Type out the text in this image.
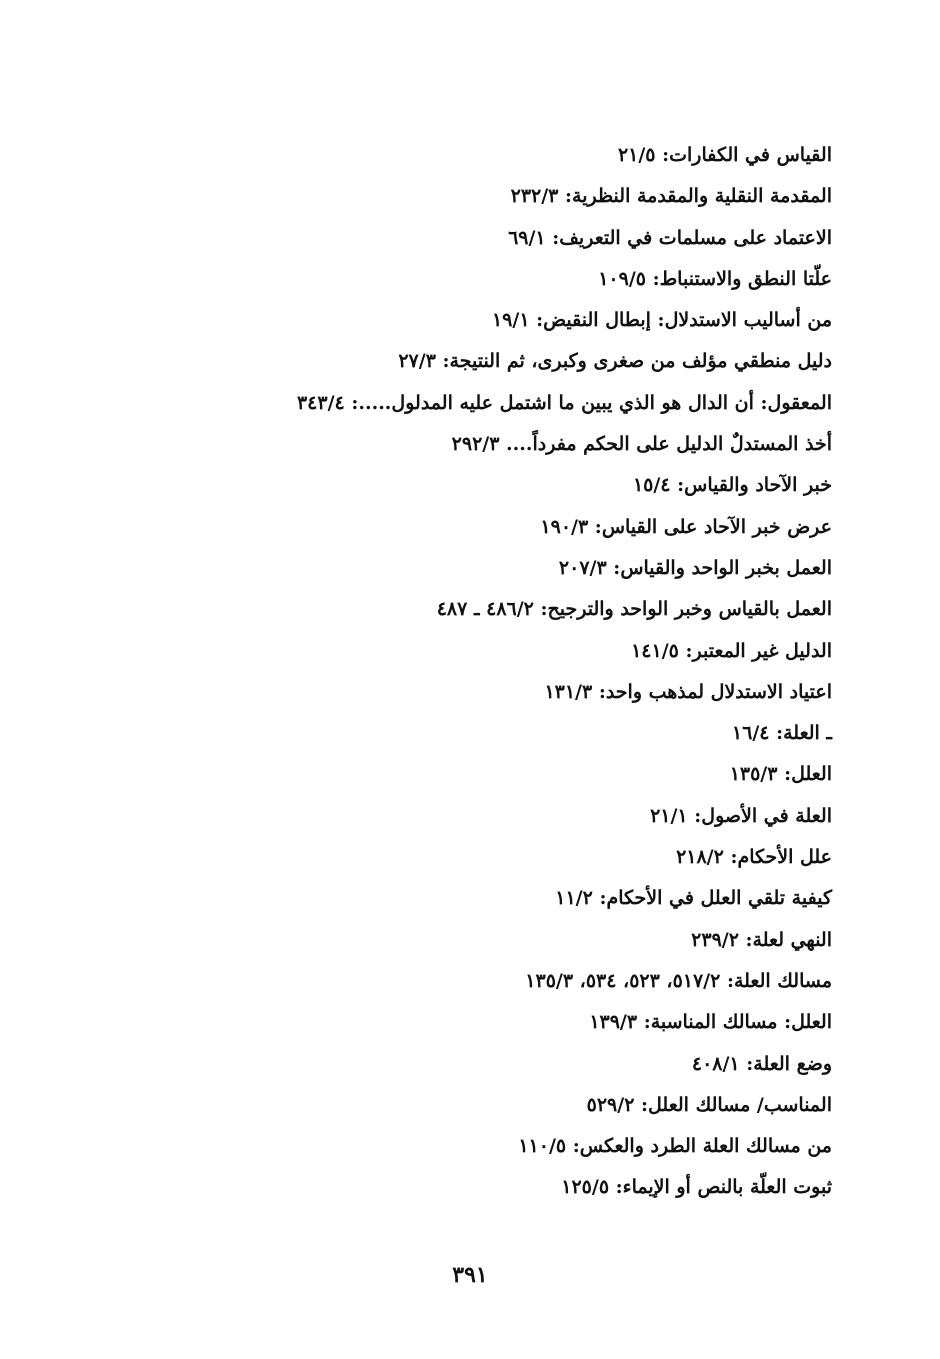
القياس في الكفارات: ٢١/٥
المقدمة النقلية والمقدمة النظرية: ٢٣٢/٣
الاعتماد على مسلمات في التعريف: ٦٩/١
علّتا النطق والاستنباط: ١٠٩/٥
من أساليب الاستدلال: إبطال النقيض: ١٩/١
دليل منطقي مؤلف من صغرى وكبرى، ثم النتيجة: ٢٧/٣
المعقول: أن الدال هو الذي يبين ما اشتمل عليه المدلول.....: ٣٤٣/٤
أخذ المستدلٌ الدليل على الحكم مفرداً.... ٢٩٢/٣
خبر الآحاد والقياس: ١٥/٤
عرض خبر الآحاد على القياس: ١٩٠/٣
العمل بخبر الواحد والقياس: ٢٠٧/٣
العمل بالقياس وخبر الواحد والترجيح: ٤٨٦/٢ ـ ٤٨٧
الدليل غير المعتبر: ١٤١/٥
اعتياد الاستدلال لمذهب واحد: ١٣١/٣
ـ العلة: ١٦/٤
العلل: ١٣٥/٣
العلة في الأصول: ٢١/١
علل الأحكام: ٢١٨/٢
كيفية تلقي العلل في الأحكام: ١١/٢
النهي لعلة: ٢٣٩/٢
مسالك العلة: ٥١٧/٢، ٥٢٣، ٥٣٤، ١٣٥/٣
العلل: مسالك المناسبة: ١٣٩/٣
وضع العلة: ٤٠٨/١
المناسب/ مسالك العلل: ٥٢٩/٢
من مسالك العلة الطرد والعكس: ١١٠/٥
ثبوت العلّة بالنص أو الإيماء: ١٢٥/٥
٣٩١
